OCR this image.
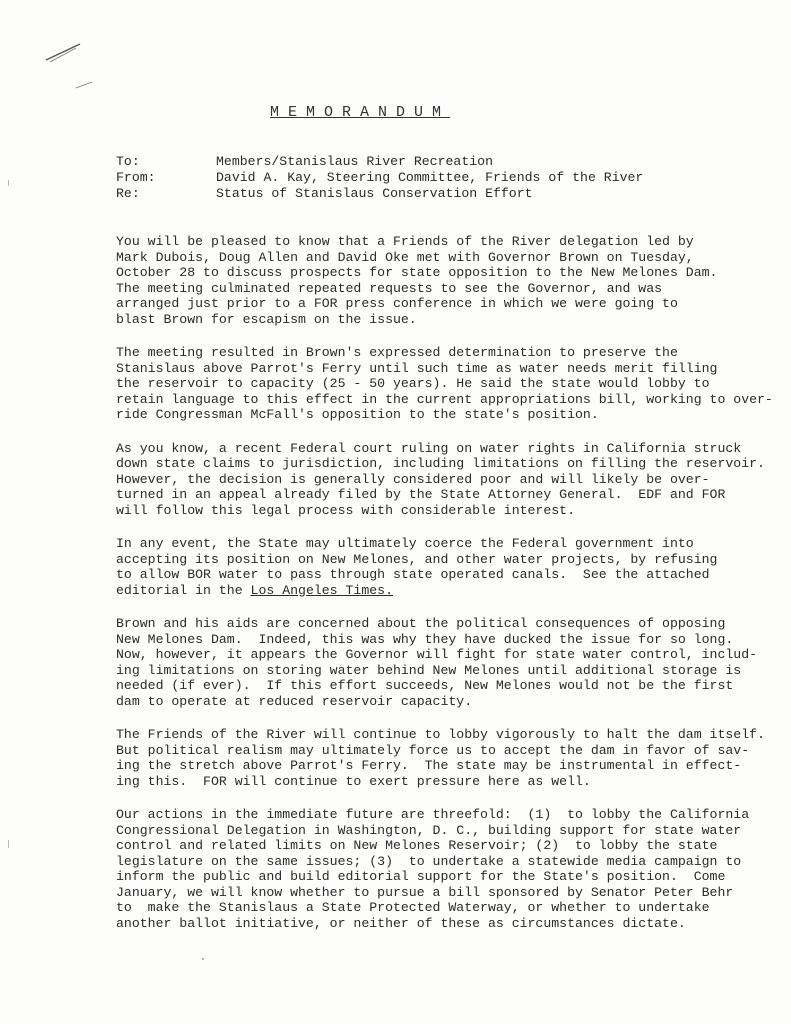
MEMORANDUM
To:	Members/Stanislaus River Recreation
From:	David A. Kay, Steering Committee, Friends of the River
Re:	Status of Stanislaus Conservation Effort

You will be pleased to know that a Friends of the River delegation led by
Mark Dubois, Doug Allen and David Oke met with Governor Brown on Tuesday,
October 28 to discuss prospects for state opposition to the New Melones Dam.
The meeting culminated repeated requests to see the Governor, and was
arranged just prior to a FOR press conference in which we were going to
blast Brown for escapism on the issue.

The meeting resulted in Brown's expressed determination to preserve the
Stanislaus above Parrot's Ferry until such time as water needs merit filling
the reservoir to capacity (25 - 50 years). He said the state would lobby to
retain language to this effect in the current appropriations bill, working to over-
ride Congressman McFall's opposition to the state's position.

As you know, a recent Federal court ruling on water rights in California struck
down state claims to jurisdiction, including limitations on filling the reservoir.
However, the decision is generally considered poor and will likely be over-
turned in an appeal already filed by the State Attorney General.  EDF and FOR
will follow this legal process with considerable interest.

In any event, the State may ultimately coerce the Federal government into
accepting its position on New Melones, and other water projects, by refusing
to allow BOR water to pass through state operated canals.  See the attached
editorial in the Los Angeles Times.

Brown and his aids are concerned about the political consequences of opposing
New Melones Dam.  Indeed, this was why they have ducked the issue for so long.
Now, however, it appears the Governor will fight for state water control, includ-
ing limitations on storing water behind New Melones until additional storage is
needed (if ever).  If this effort succeeds, New Melones would not be the first
dam to operate at reduced reservoir capacity.

The Friends of the River will continue to lobby vigorously to halt the dam itself.
But political realism may ultimately force us to accept the dam in favor of sav-
ing the stretch above Parrot's Ferry.  The state may be instrumental in effect-
ing this.  FOR will continue to exert pressure here as well.

Our actions in the immediate future are threefold:  (1)  to lobby the California
Congressional Delegation in Washington, D. C., building support for state water
control and related limits on New Melones Reservoir; (2)  to lobby the state
legislature on the same issues; (3)  to undertake a statewide media campaign to
inform the public and build editorial support for the State's position.  Come
January, we will know whether to pursue a bill sponsored by Senator Peter Behr
to  make the Stanislaus a State Protected Waterway, or whether to undertake
another ballot initiative, or neither of these as circumstances dictate.
